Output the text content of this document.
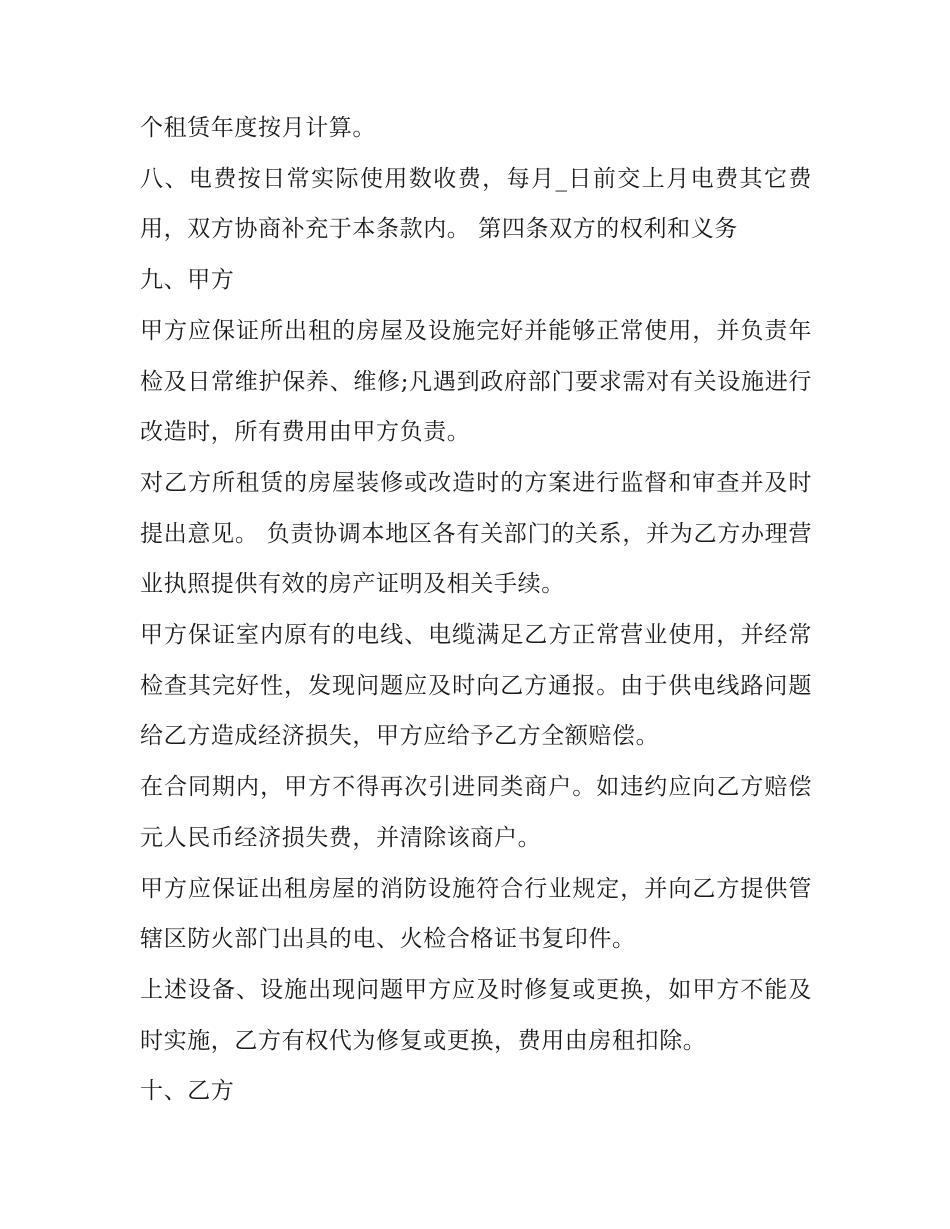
个租赁年度按月计算。

八、电费按日常实际使用数收费，每月_日前交上月电费其它费用，双方协商补充于本条款内。 第四条双方的权利和义务

九、甲方

甲方应保证所出租的房屋及设施完好并能够正常使用，并负责年检及日常维护保养、维修;凡遇到政府部门要求需对有关设施进行改造时，所有费用由甲方负责。

对乙方所租赁的房屋装修或改造时的方案进行监督和审查并及时提出意见。 负责协调本地区各有关部门的关系，并为乙方办理营业执照提供有效的房产证明及相关手续。

甲方保证室内原有的电线、电缆满足乙方正常营业使用，并经常检查其完好性，发现问题应及时向乙方通报。由于供电线路问题给乙方造成经济损失，甲方应给予乙方全额赔偿。

在合同期内，甲方不得再次引进同类商户。如违约应向乙方赔偿元人民币经济损失费，并清除该商户。

甲方应保证出租房屋的消防设施符合行业规定，并向乙方提供管辖区防火部门出具的电、火检合格证书复印件。

上述设备、设施出现问题甲方应及时修复或更换，如甲方不能及时实施，乙方有权代为修复或更换，费用由房租扣除。

十、乙方
